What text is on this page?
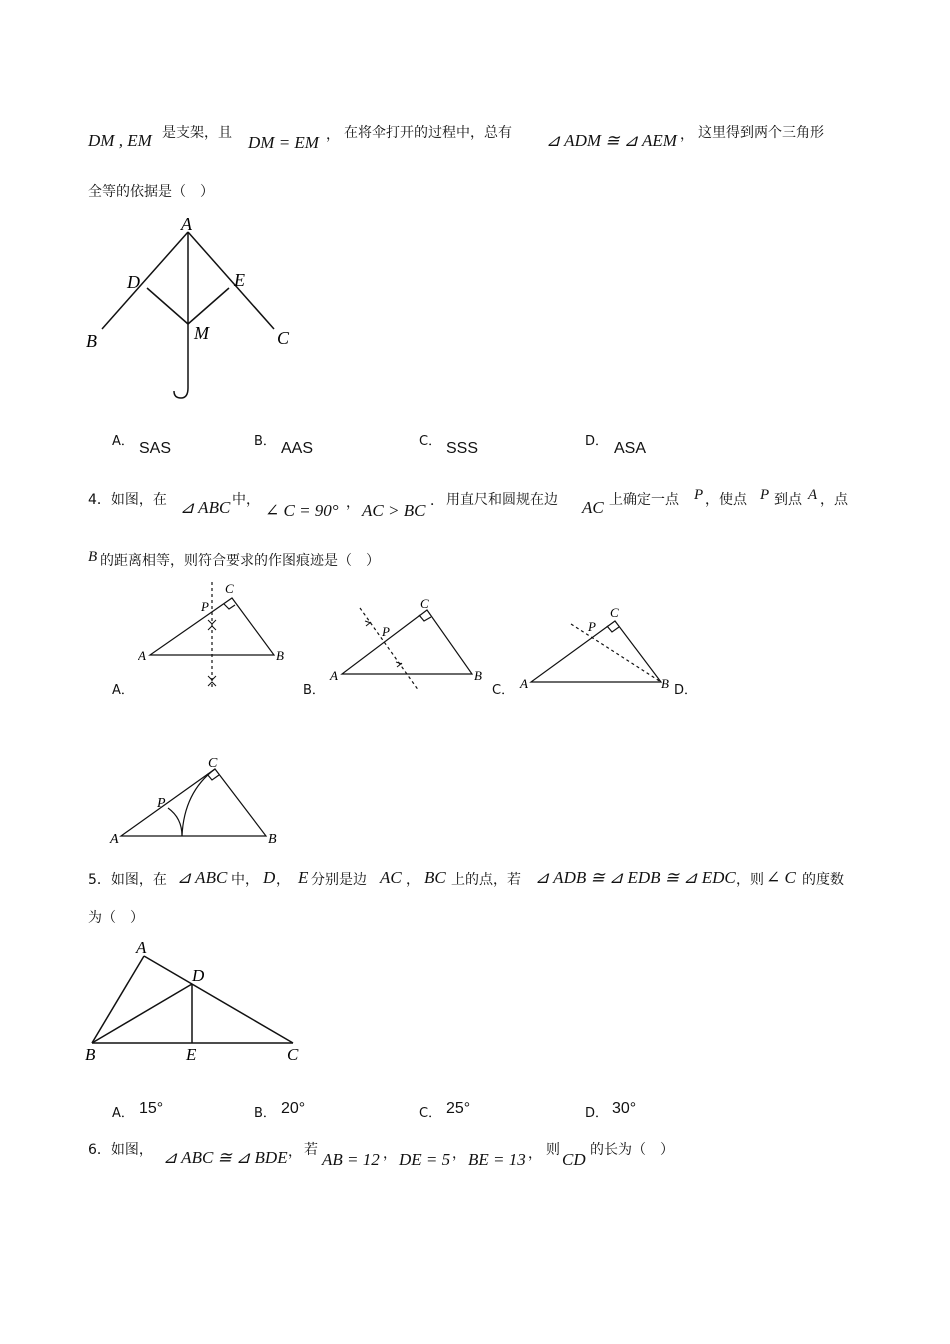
DM , EM 是支架，且 DM = EM ， 在将伞打开的过程中，总有 ⊿ ADM ≅ ⊿ AEM ， 这里得到两个三角形
全等的依据是（　）
A
D	E
M
B	C
A． SAS	B． AAS	C． SSS	D． ASA
4．如图，在 ⊿ ABC 中，
∠ C = 90° ， AC > BC ． 用直尺和圆规在边 AC 上确定一点 P ，使点 P 到点 A ，点
B 的距离相等，则符合要求的作图痕迹是（　）
A	B
C
P
A．
A	B
C
P
B．	A	B
C
P
C．	D．
A	B
C
P
5．如图，在 ⊿ ABC 中， D ， E 分别是边 AC ， BC 上的点，若 ⊿ ADB ≅ ⊿ EDB ≅ ⊿ EDC ，则 ∠ C 的度数
为（　）
A
D
B	E	C
A． 15°	B． 20°	C． 25°	D． 30°
6．如图， ⊿ ABC ≅ ⊿ BDE ， 若 AB = 12 ， DE = 5 ， BE = 13 ， 则 CD 的长为（　）
